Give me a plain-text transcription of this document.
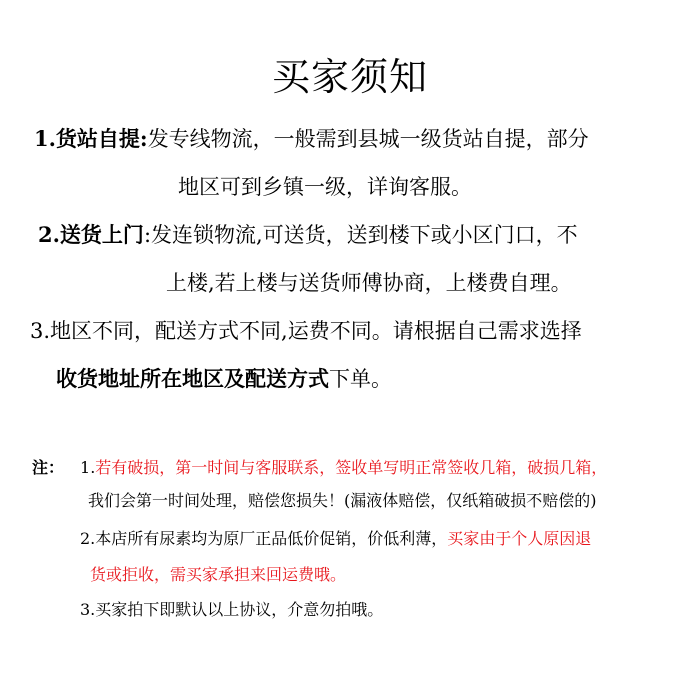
买家须知
1.货站自提:发专线物流，一般需到县城一级货站自提，部分
地区可到乡镇一级，详询客服。
2.送货上门:发连锁物流,可送货，送到楼下或小区门口，不
上楼,若上楼与送货师傅协商，上楼费自理。
3.地区不同，配送方式不同,运费不同。请根据自己需求选择
收货地址所在地区及配送方式下单。
注： 1.若有破损，第一时间与客服联系，签收单写明正常签收几箱，破损几箱，
我们会第一时间处理，赔偿您损失！(漏液体赔偿，仅纸箱破损不赔偿的)
2.本店所有尿素均为原厂正品低价促销，价低利薄，买家由于个人原因退
货或拒收，需买家承担来回运费哦。
3.买家拍下即默认以上协议，介意勿拍哦。
